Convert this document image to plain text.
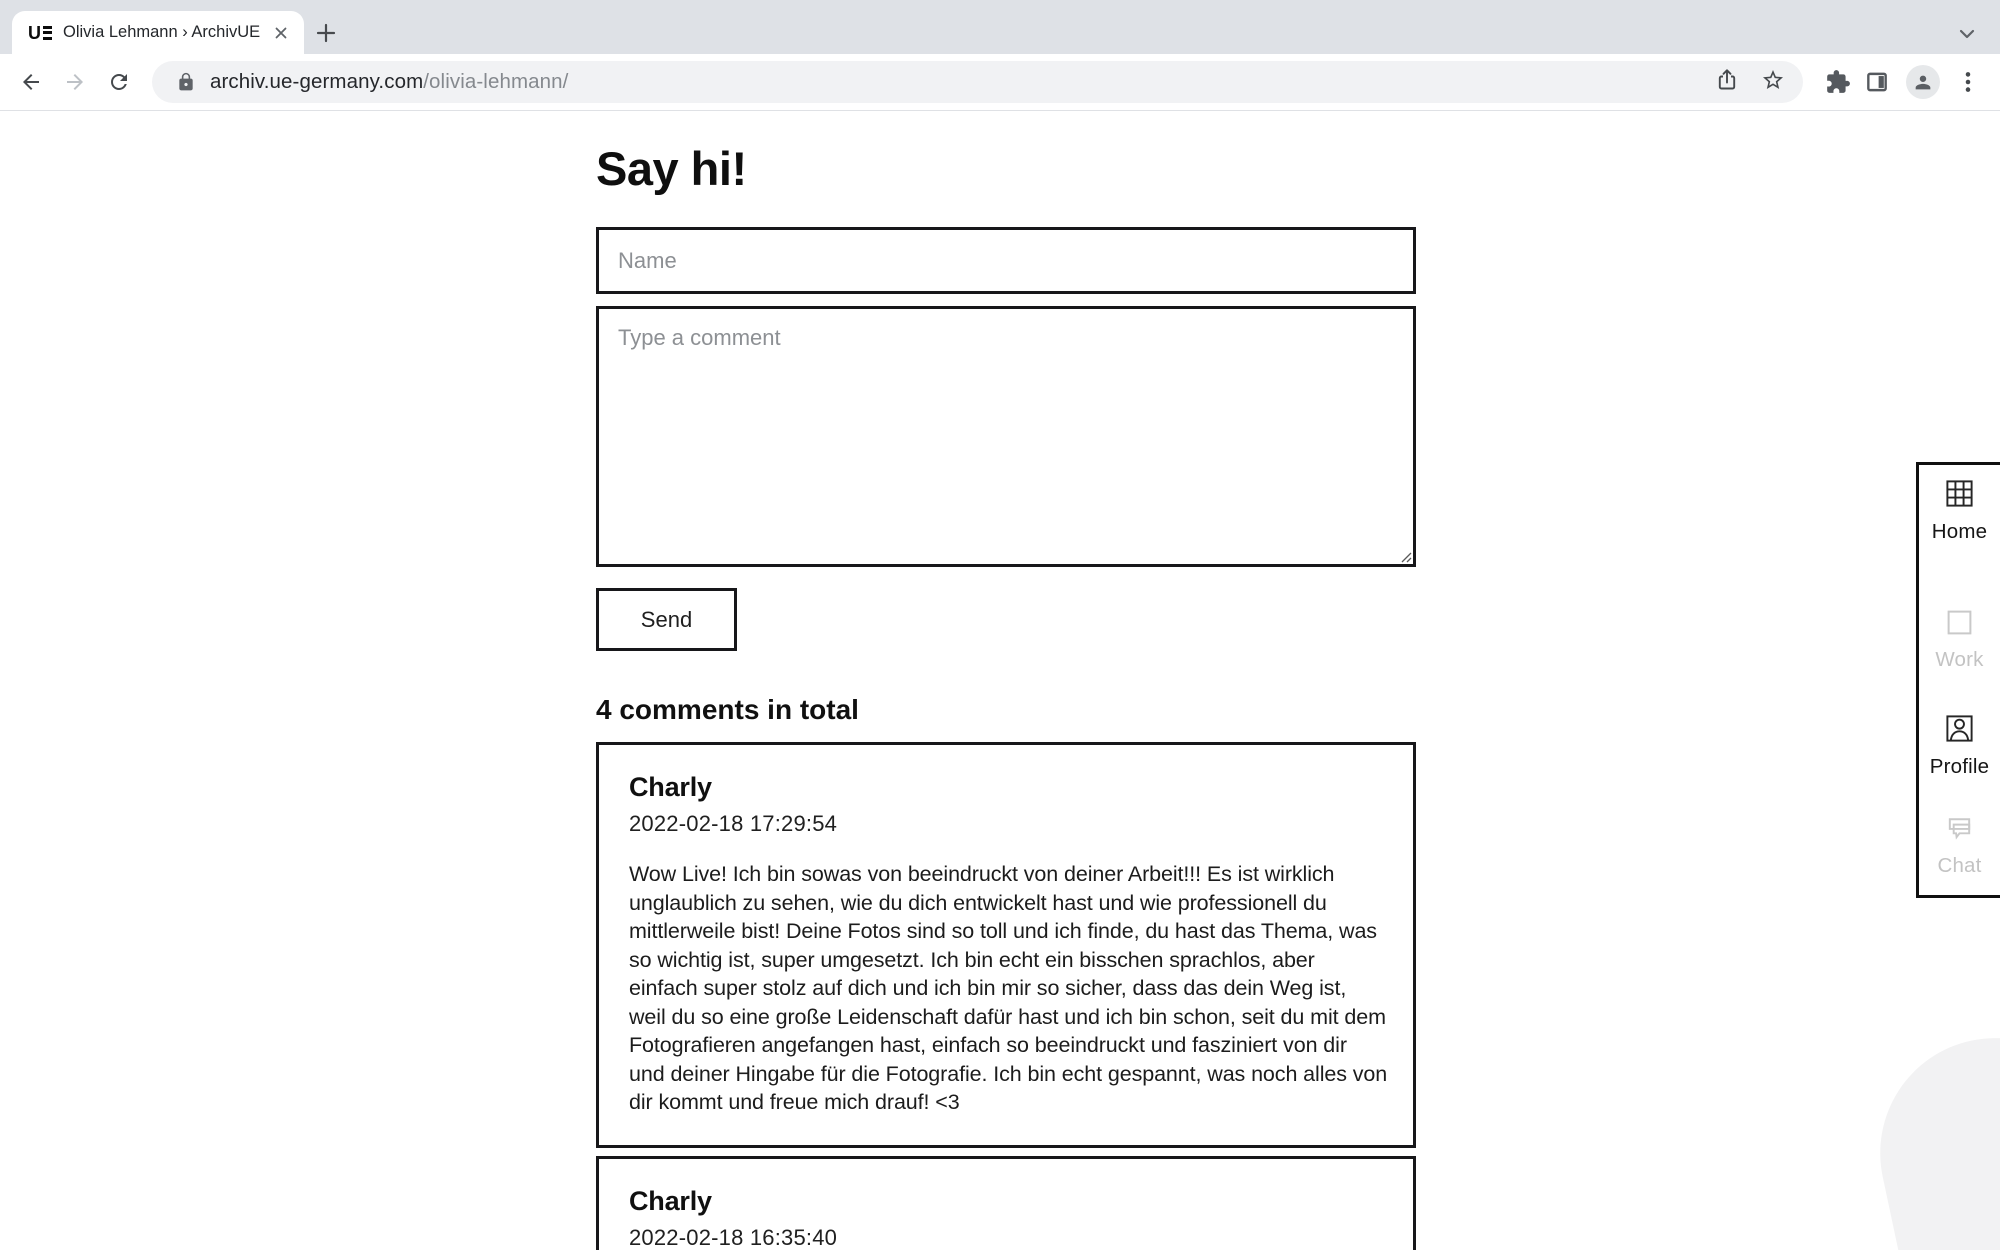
U Olivia Lehmann › ArchivUE
archiv.ue-germany.com/olivia-lehmann/
Say hi!
Name
Type a comment
Send
4 comments in total
Charly

2022-02-18 17:29:54

Wow Live! Ich bin sowas von beeindruckt von deiner Arbeit!!! Es ist wirklich unglaublich zu sehen, wie du dich entwickelt hast und wie professionell du mittlerweile bist! Deine Fotos sind so toll und ich finde, du hast das Thema, was so wichtig ist, super umgesetzt. Ich bin echt ein bisschen sprachlos, aber einfach super stolz auf dich und ich bin mir so sicher, dass das dein Weg ist, weil du so eine große Leidenschaft dafür hast und ich bin schon, seit du mit dem Fotografieren angefangen hast, einfach so beeindruckt und fasziniert von dir und deiner Hingabe für die Fotografie. Ich bin echt gespannt, was noch alles von dir kommt und freue mich drauf! <3

Charly

2022-02-18 16:35:40

Home
Work
Profile
Chat
